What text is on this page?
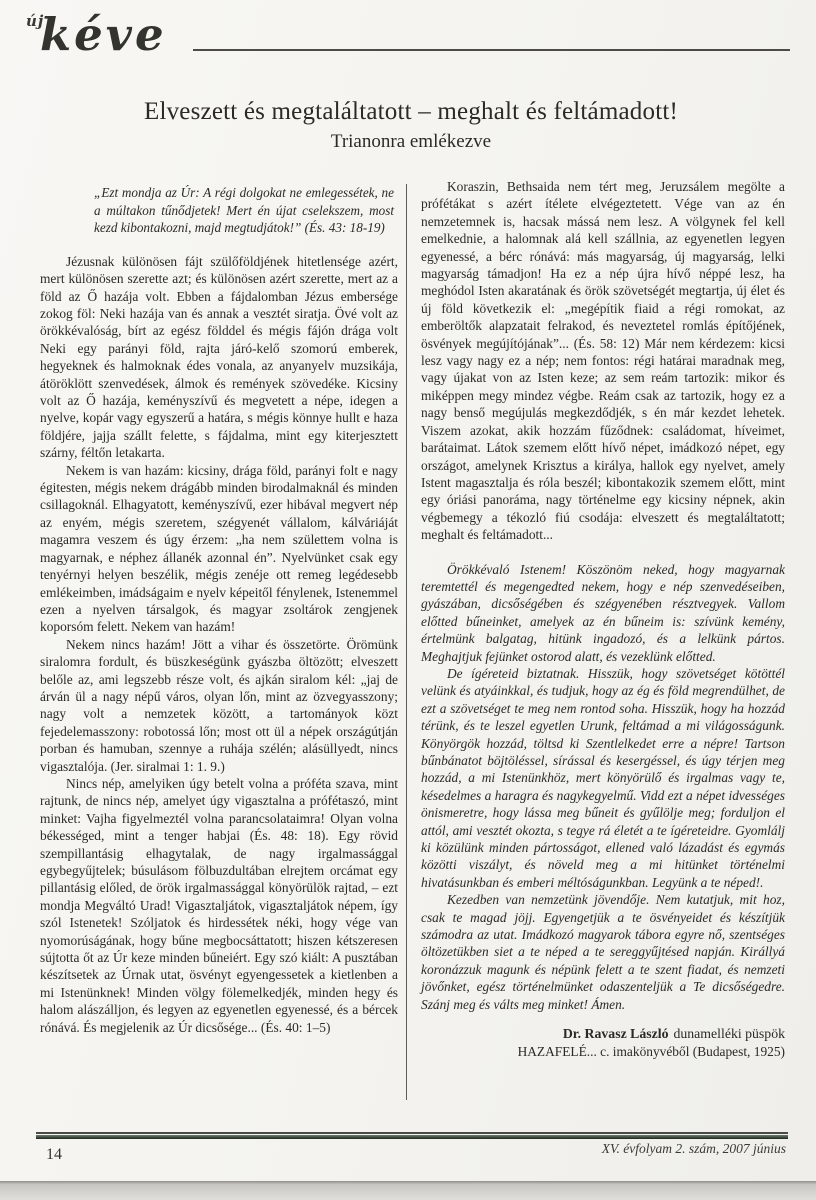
új
kéve
Elveszett és megtaláltatott – meghalt és feltámadott!
Trianonra emlékezve
„Ezt mondja az Úr: A régi dolgokat ne emlegessétek, ne a múltakon tűnődjetek! Mert én újat cselekszem, most kezd kibontakozni, majd megtudjátok!” (És. 43: 18-19)

Jézusnak különösen fájt szülőföldjének hitetlensége azért, mert különösen szerette azt; és különösen azért szerette, mert az a föld az Ő hazája volt. Ebben a fájdalomban Jézus embersége zokog föl: Neki hazája van és annak a vesztét siratja. Övé volt az örökkévalóság, bírt az egész földdel és mégis fájón drága volt Neki egy parányi föld, rajta járó-kelő szomorú emberek, hegyeknek és halmoknak édes vonala, az anyanyelv muzsikája, átöröklött szenvedések, álmok és remények szövedéke. Kicsiny volt az Ő hazája, keményszívű és megvetett a népe, idegen a nyelve, kopár vagy egyszerű a határa, s mégis könnye hullt e haza földjére, jajja szállt felette, s fájdalma, mint egy kiterjesztett szárny, féltőn letakarta.

Nekem is van hazám: kicsiny, drága föld, parányi folt e nagy égitesten, mégis nekem drágább minden birodalmaknál és minden csillagoknál. Elhagyatott, keményszívű, ezer hibával megvert nép az enyém, mégis szeretem, szégyenét vállalom, kálváriáját magamra veszem és úgy érzem: „ha nem születtem volna is magyarnak, e néphez állanék azonnal én”. Nyelvünket csak egy tenyérnyi helyen beszélik, mégis zenéje ott remeg legédesebb emlékeimben, imádságaim e nyelv képeitől fénylenek, Istenemmel ezen a nyelven társalgok, és magyar zsoltárok zengjenek koporsóm felett. Nekem van hazám!

Nekem nincs hazám! Jött a vihar és összetörte. Örömünk siralomra fordult, és büszkeségünk gyászba öltözött; elveszett belőle az, ami legszebb része volt, és ajkán siralom kél: „jaj de árván ül a nagy népű város, olyan lőn, mint az özvegyasszony; nagy volt a nemzetek között, a tartományok közt fejedelemasszony: robotossá lőn; most ott ül a népek országútján porban és hamuban, szennye a ruhája szélén; alásüllyedt, nincs vigasztalója. (Jer. siralmai 1: 1. 9.)

Nincs nép, amelyiken úgy betelt volna a próféta szava, mint rajtunk, de nincs nép, amelyet úgy vigasztalna a prófétaszó, mint minket: Vajha figyelmeztél volna parancsolataimra! Olyan volna békességed, mint a tenger habjai (És. 48: 18). Egy rövid szempillantásig elhagytalak, de nagy irgalmassággal egybegyűjtelek; búsulásom fölbuzdultában elrejtem orcámat egy pillantásig előled, de örök irgalmassággal könyörülök rajtad, – ezt mondja Megváltó Urad! Vigasztaljátok, vigasztaljátok népem, így szól Istenetek! Szóljatok és hirdessétek néki, hogy vége van nyomorúságának, hogy bűne megbocsáttatott; hiszen kétszeresen sújtotta őt az Úr keze minden bűneiért. Egy szó kiált: A pusztában készítsetek az Úrnak utat, ösvényt egyengessetek a kietlenben a mi Istenünknek! Minden völgy fölemelkedjék, minden hegy és halom alászálljon, és legyen az egyenetlen egyenessé, és a bércek rónává. És megjelenik az Úr dicsősége... (És. 40: 1–5)

Koraszin, Bethsaida nem tért meg, Jeruzsálem megölte a prófétákat s azért ítélete elvégeztetett. Vége van az én nemzetemnek is, hacsak mássá nem lesz. A völgynek fel kell emelkednie, a halomnak alá kell szállnia, az egyenetlen legyen egyenessé, a bérc rónává: más magyarság, új magyarság, lelki magyarság támadjon! Ha ez a nép újra hívő néppé lesz, ha meghódol Isten akaratának és örök szövetségét megtartja, új élet és új föld következik el: „megépítik fiaid a régi romokat, az emberöltők alapzatait felrakod, és neveztetel romlás építőjének, ösvények megújítójának”... (És. 58: 12) Már nem kérdezem: kicsi lesz vagy nagy ez a nép; nem fontos: régi határai maradnak meg, vagy újakat von az Isten keze; az sem reám tartozik: mikor és miképpen megy mindez végbe. Reám csak az tartozik, hogy ez a nagy benső megújulás megkezdődjék, s én már kezdet lehetek. Viszem azokat, akik hozzám fűződnek: családomat, híveimet, barátaimat. Látok szemem előtt hívő népet, imádkozó népet, egy országot, amelynek Krisztus a királya, hallok egy nyelvet, amely Istent magasztalja és róla beszél; kibontakozik szemem előtt, mint egy óriási panoráma, nagy történelme egy kicsiny népnek, akin végbemegy a tékozló fiú csodája: elveszett és megtaláltatott; meghalt és feltámadott...

Örökkévaló Istenem! Köszönöm neked, hogy magyarnak teremtettél és megengedted nekem, hogy e nép szenvedéseiben, gyászában, dicsőségében és szégyenében résztvegyek. Vallom előtted bűneinket, amelyek az én bűneim is: szívünk kemény, értelmünk balgatag, hitünk ingadozó, és a lelkünk pártos. Meghajtjuk fejünket ostorod alatt, és vezeklünk előtted.

De ígéreteid biztatnak. Hisszük, hogy szövetséget kötöttél velünk és atyáinkkal, és tudjuk, hogy az ég és föld megrendülhet, de ezt a szövetséget te meg nem rontod soha. Hisszük, hogy ha hozzád térünk, és te leszel egyetlen Urunk, feltámad a mi világosságunk. Könyörgök hozzád, töltsd ki Szentlelkedet erre a népre! Tartson bűnbánatot böjtöléssel, sírással és kesergéssel, és úgy térjen meg hozzád, a mi Istenünkhöz, mert könyörülő és irgalmas vagy te, késedelmes a haragra és nagykegyelmű. Vidd ezt a népet idvességes önismeretre, hogy lássa meg bűneit és gyűlölje meg; forduljon el attól, ami vesztét okozta, s tegye rá életét a te ígéreteidre. Gyomlálj ki közülünk minden pártosságot, ellened való lázadást és egymás közötti viszályt, és növeld meg a mi hitünket történelmi hivatásunkban és emberi méltóságunkban. Legyünk a te néped!.

Kezedben van nemzetünk jövendője. Nem kutatjuk, mit hoz, csak te magad jöjj. Egyengetjük a te ösvényeidet és készítjük számodra az utat. Imádkozó magyarok tábora egyre nő, szentséges öltözetükben siet a te néped a te sereggyűjtésed napján. Királlyá koronázzuk magunk és népünk felett a te szent fiadat, és nemzeti jövőnket, egész történelmünket odaszenteljük a Te dicsőségedre. Szánj meg és válts meg minket! Ámen.

Dr. Ravasz László dunamelléki püspök
HAZAFELÉ... c. imakönyvéből (Budapest, 1925)
14	XV. évfolyam 2. szám, 2007 június
